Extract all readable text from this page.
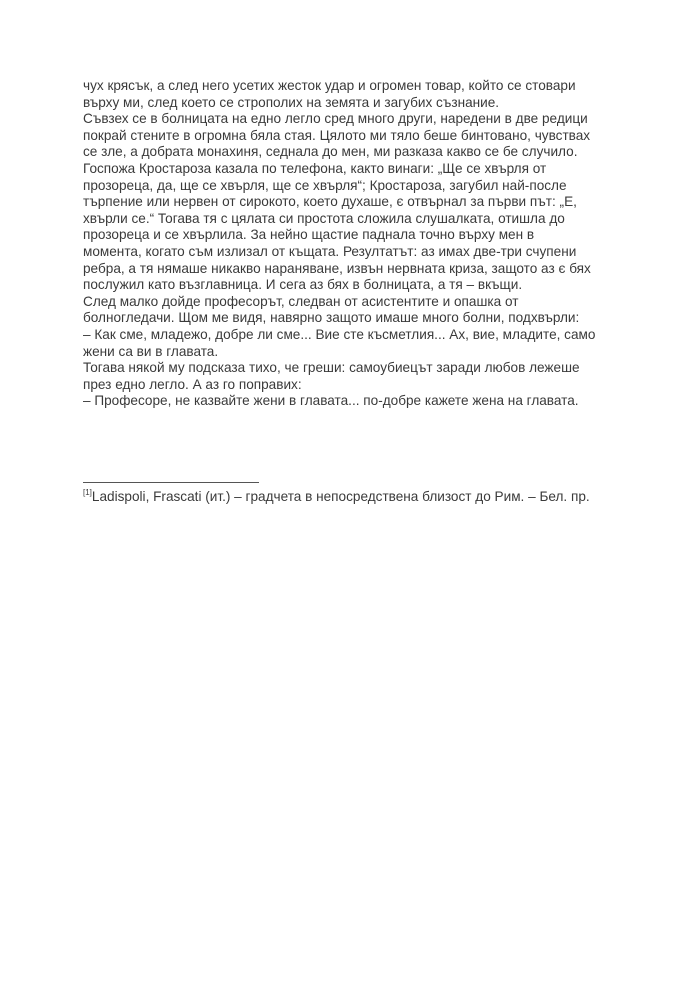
чух крясък, а след него усетих жесток удар и огромен товар, който се стовари
върху ми, след което се строполих на земята и загубих съзнание.
Съвзех се в болницата на едно легло сред много други, наредени в две редици
покрай стените в огромна бяла стая. Цялото ми тяло беше бинтовано, чувствах
се зле, а добрата монахиня, седнала до мен, ми разказа какво се бе случило.
Госпожа Кростароза казала по телефона, както винаги: „Ще се хвърля от
прозореца, да, ще се хвърля, ще се хвърля“; Кростароза, загубил най-после
търпение или нервен от сирокото, което духаше, є отвърнал за първи път: „Е,
хвърли се.“ Тогава тя с цялата си простота сложила слушалката, отишла до
прозореца и се хвърлила. За нейно щастие паднала точно върху мен в
момента, когато съм излизал от къщата. Резултатът: аз имах две-три счупени
ребра, а тя нямаше никакво нараняване, извън нервната криза, защото аз є бях
послужил като възглавница. И сега аз бях в болницата, а тя – вкъщи.
След малко дойде професорът, следван от асистентите и опашка от
болногледачи. Щом ме видя, навярно защото имаше много болни, подхвърли:
– Как сме, младежо, добре ли сме... Вие сте късметлия... Ах, вие, младите, само
жени са ви в главата.
Тогава някой му подсказа тихо, че греши: самоубиецът заради любов лежеше
през едно легло. А аз го поправих:
– Професоре, не казвайте жени в главата... по-добре кажете жена на главата.
[1]Ladispoli, Frascati (ит.) – градчета в непосредствена близост до Рим. – Бел. пр.
